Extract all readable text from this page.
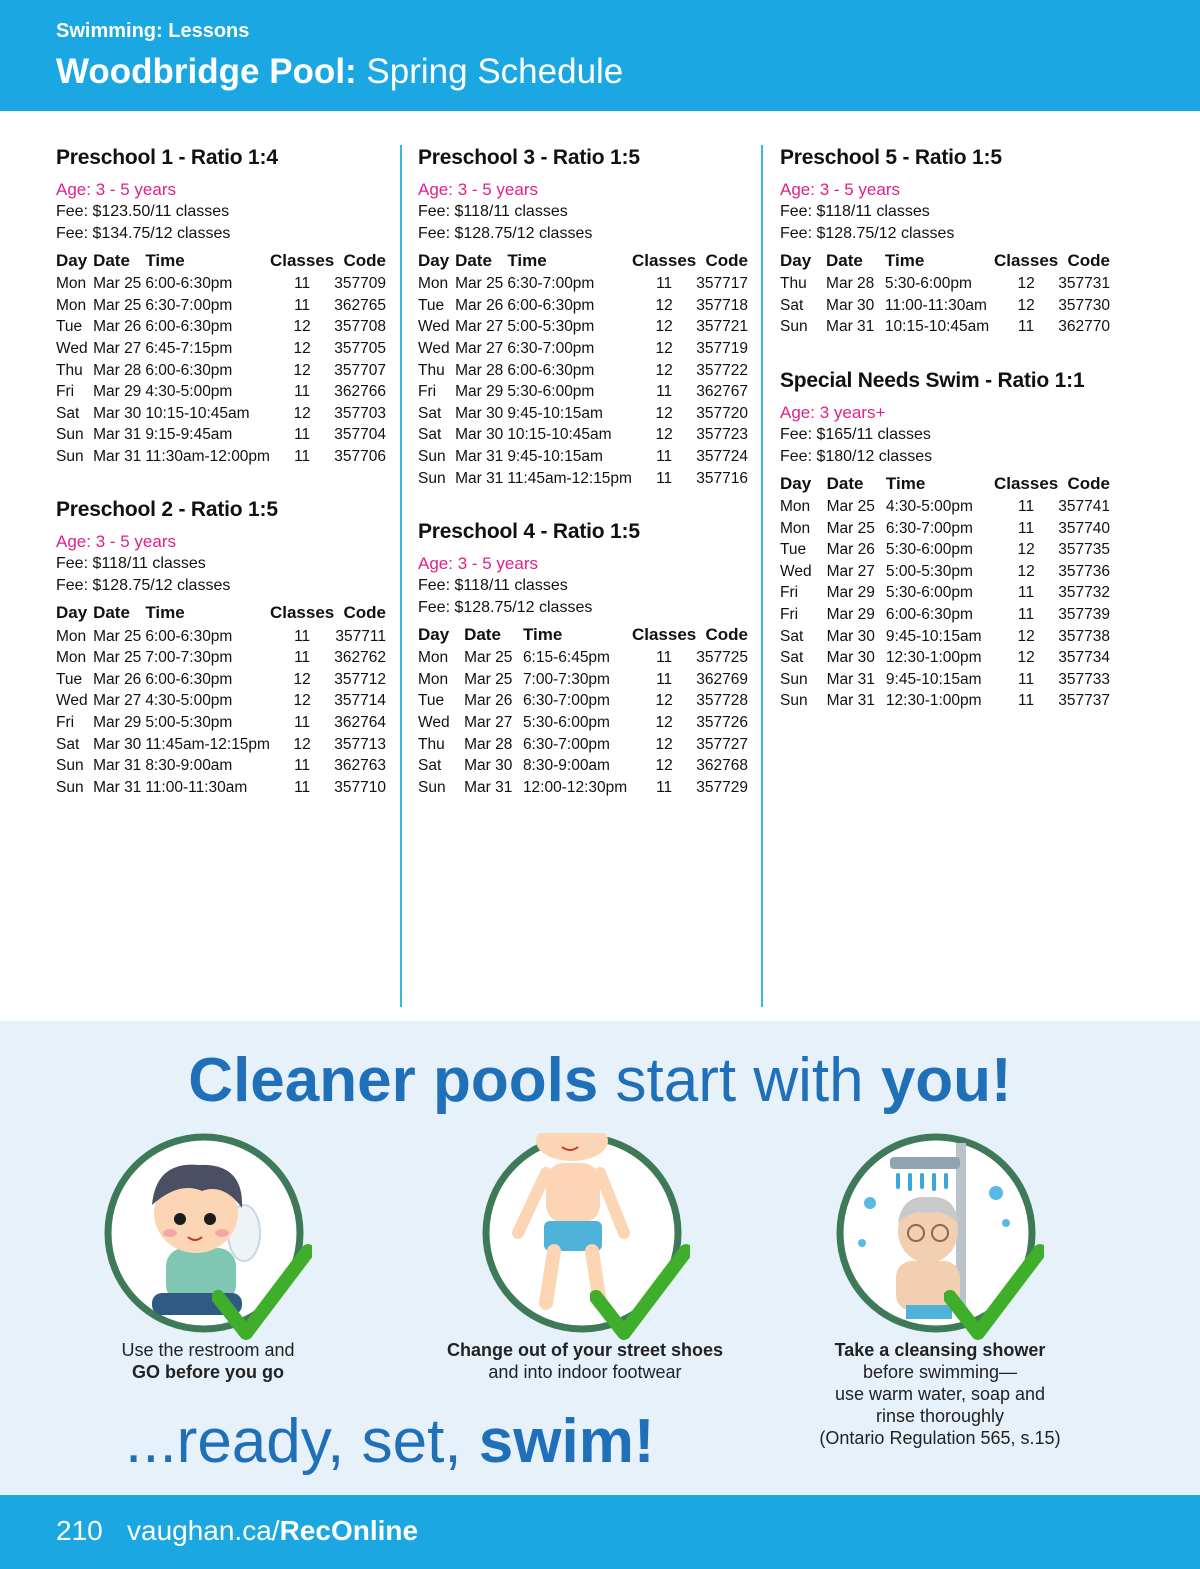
Swimming: Lessons
Woodbridge Pool: Spring Schedule
Preschool 1 - Ratio 1:4
Age: 3 - 5 years
Fee: $123.50/11 classes
Fee: $134.75/12 classes
Day	Date	Time	Classes	Code
Mon	Mar 25	6:00-6:30pm	11	357709
Mon	Mar 25	6:30-7:00pm	11	362765
Tue	Mar 26	6:00-6:30pm	12	357708
Wed	Mar 27	6:45-7:15pm	12	357705
Thu	Mar 28	6:00-6:30pm	12	357707
Fri	Mar 29	4:30-5:00pm	11	362766
Sat	Mar 30	10:15-10:45am	12	357703
Sun	Mar 31	9:15-9:45am	11	357704
Sun	Mar 31	11:30am-12:00pm	11	357706
Preschool 2 - Ratio 1:5
Age: 3 - 5 years
Fee: $118/11 classes
Fee: $128.75/12 classes
Day	Date	Time	Classes	Code
Mon	Mar 25	6:00-6:30pm	11	357711
Mon	Mar 25	7:00-7:30pm	11	362762
Tue	Mar 26	6:00-6:30pm	12	357712
Wed	Mar 27	4:30-5:00pm	12	357714
Fri	Mar 29	5:00-5:30pm	11	362764
Sat	Mar 30	11:45am-12:15pm	12	357713
Sun	Mar 31	8:30-9:00am	11	362763
Sun	Mar 31	11:00-11:30am	11	357710
Preschool 3 - Ratio 1:5
Age: 3 - 5 years
Fee: $118/11 classes
Fee: $128.75/12 classes
Day	Date	Time	Classes	Code
Mon	Mar 25	6:30-7:00pm	11	357717
Tue	Mar 26	6:00-6:30pm	12	357718
Wed	Mar 27	5:00-5:30pm	12	357721
Wed	Mar 27	6:30-7:00pm	12	357719
Thu	Mar 28	6:00-6:30pm	12	357722
Fri	Mar 29	5:30-6:00pm	11	362767
Sat	Mar 30	9:45-10:15am	12	357720
Sat	Mar 30	10:15-10:45am	12	357723
Sun	Mar 31	9:45-10:15am	11	357724
Sun	Mar 31	11:45am-12:15pm	11	357716
Preschool 4 - Ratio 1:5
Age: 3 - 5 years
Fee: $118/11 classes
Fee: $128.75/12 classes
Day	Date	Time	Classes	Code
Mon	Mar 25	6:15-6:45pm	11	357725
Mon	Mar 25	7:00-7:30pm	11	362769
Tue	Mar 26	6:30-7:00pm	12	357728
Wed	Mar 27	5:30-6:00pm	12	357726
Thu	Mar 28	6:30-7:00pm	12	357727
Sat	Mar 30	8:30-9:00am	12	362768
Sun	Mar 31	12:00-12:30pm	11	357729
Preschool 5 - Ratio 1:5
Age: 3 - 5 years
Fee: $118/11 classes
Fee: $128.75/12 classes
Day	Date	Time	Classes	Code
Thu	Mar 28	5:30-6:00pm	12	357731
Sat	Mar 30	11:00-11:30am	12	357730
Sun	Mar 31	10:15-10:45am	11	362770
Special Needs Swim - Ratio 1:1
Age: 3 years+
Fee: $165/11 classes
Fee: $180/12 classes
Day	Date	Time	Classes	Code
Mon	Mar 25	4:30-5:00pm	11	357741
Mon	Mar 25	6:30-7:00pm	11	357740
Tue	Mar 26	5:30-6:00pm	12	357735
Wed	Mar 27	5:00-5:30pm	12	357736
Fri	Mar 29	5:30-6:00pm	11	357732
Fri	Mar 29	6:00-6:30pm	11	357739
Sat	Mar 30	9:45-10:15am	12	357738
Sat	Mar 30	12:30-1:00pm	12	357734
Sun	Mar 31	9:45-10:15am	11	357733
Sun	Mar 31	12:30-1:00pm	11	357737
Cleaner pools start with you!
Use the restroom and
GO before you go
Change out of your street shoes
and into indoor footwear
Take a cleansing shower
before swimming—
use warm water, soap and
rinse thoroughly
(Ontario Regulation 565, s.15)
...ready, set, swim!
210 vaughan.ca/RecOnline
